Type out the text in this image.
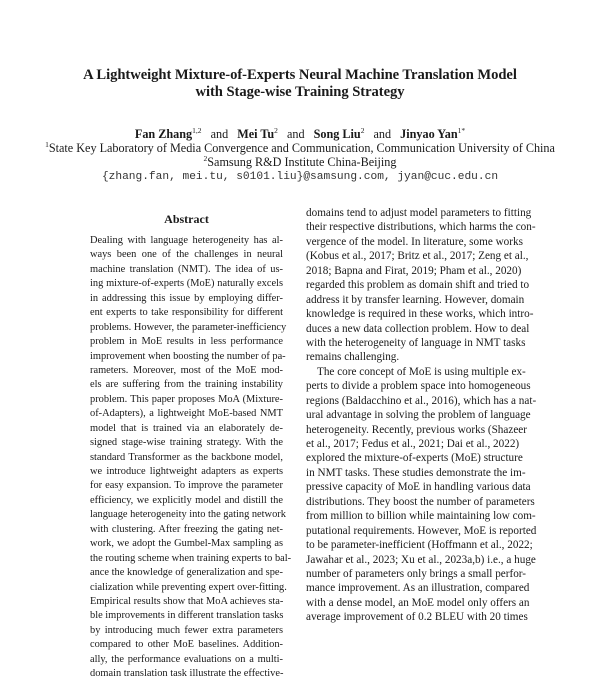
A Lightweight Mixture-of-Experts Neural Machine Translation Model
with Stage-wise Training Strategy
Fan Zhang$^{1,2}$ and Mei Tu$^2$ and Song Liu$^2$ and Jinyao Yan$^{1*}$
$^1$State Key Laboratory of Media Convergence and Communication, Communication University of China
$^2$Samsung R&D Institute China-Beijing
{zhang.fan, mei.tu, s0101.liu}@samsung.com, jyan@cuc.edu.cn
Abstract
Dealing with language heterogeneity has al-
ways been one of the challenges in neural
machine translation (NMT). The idea of us-
ing mixture-of-experts (MoE) naturally excels
in addressing this issue by employing differ-
ent experts to take responsibility for different
problems. However, the parameter-inefficiency
problem in MoE results in less performance
improvement when boosting the number of pa-
rameters. Moreover, most of the MoE mod-
els are suffering from the training instability
problem. This paper proposes MoA (Mixture-
of-Adapters), a lightweight MoE-based NMT
model that is trained via an elaborately de-
signed stage-wise training strategy. With the
standard Transformer as the backbone model,
we introduce lightweight adapters as experts
for easy expansion. To improve the parameter
efficiency, we explicitly model and distill the
language heterogeneity into the gating network
with clustering. After freezing the gating net-
work, we adopt the Gumbel-Max sampling as
the routing scheme when training experts to bal-
ance the knowledge of generalization and spe-
cialization while preventing expert over-fitting.
Empirical results show that MoA achieves sta-
ble improvements in different translation tasks
by introducing much fewer extra parameters
compared to other MoE baselines. Addition-
ally, the performance evaluations on a multi-
domain translation task illustrate the effective-
domains tend to adjust model parameters to fitting
their respective distributions, which harms the con-
vergence of the model. In literature, some works
(Kobus et al., 2017; Britz et al., 2017; Zeng et al.,
2018; Bapna and Firat, 2019; Pham et al., 2020)
regarded this problem as domain shift and tried to
address it by transfer learning. However, domain
knowledge is required in these works, which intro-
duces a new data collection problem. How to deal
with the heterogeneity of language in NMT tasks
remains challenging.
The core concept of MoE is using multiple ex-
perts to divide a problem space into homogeneous
regions (Baldacchino et al., 2016), which has a nat-
ural advantage in solving the problem of language
heterogeneity. Recently, previous works (Shazeer
et al., 2017; Fedus et al., 2021; Dai et al., 2022)
explored the mixture-of-experts (MoE) structure
in NMT tasks. These studies demonstrate the im-
pressive capacity of MoE in handling various data
distributions. They boost the number of parameters
from million to billion while maintaining low com-
putational requirements. However, MoE is reported
to be parameter-inefficient (Hoffmann et al., 2022;
Jawahar et al., 2023; Xu et al., 2023a,b) i.e., a huge
number of parameters only brings a small perfor-
mance improvement. As an illustration, compared
with a dense model, an MoE model only offers an
average improvement of 0.2 BLEU with 20 times
